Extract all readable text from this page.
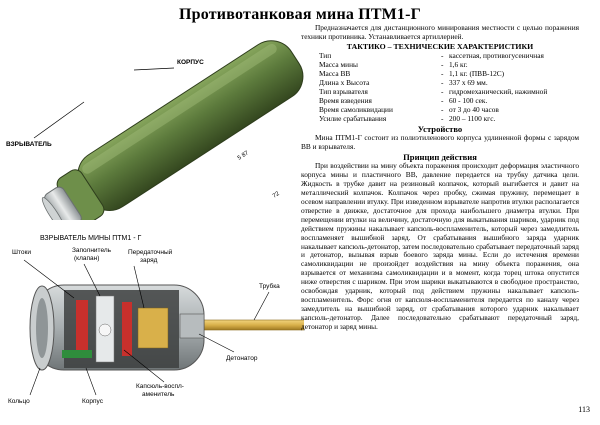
Противотанковая мина ПТМ1-Г
5 87
72
КОРПУС
ВЗРЫВАТЕЛЬ
ВЗРЫВАТЕЛЬ МИНЫ ПТМ1 - Г
Штоки	Заполнитель
(клапан)
Передаточный
заряд
Трубка
Детонатор
Капсюль-воспл-
аменитель
Кольцо	Корпус

Предназначается для дистанционного минирования местности с целью поражения техники противника. Устанавливается артиллерией.

ТАКТИКО – ТЕХНИЧЕСКИЕ ХАРАКТЕРИСТИКИ
Тип	-	кассетная, противогусеничная
Масса мины	-	1,6 кг.
Масса ВВ	-	1,1 кг. (ПВВ-12С)
Длина х Высота	-	337 х 69 мм.
Тип взрывателя	-	гидромеханический, нажимной
Время взведения	-	60 - 100 сек.
Время самоликвидации	-	от 3 до 40 часов
Усилие срабатывания	-	200 – 1100 кгс.
Устройство

Мина ПТМ1-Г состоит из полиэтиленового корпуса удлиненной формы с зарядом ВВ и взрывателя.

Принцип действия

При воздействии на мину объекта поражения происходит деформация эластичного корпуса мины и пластичного ВВ, давление передается на трубку датчика цели. Жидкость в трубке давит на резиновый колпачок, который выгибается и давит на металлический колпачок. Колпачок через пробку, сжимая пружину, перемещает в осевом направлении втулку. При изведенном взрывателе напротив втулки располагается отверстие в движке, достаточное для прохода наибольшего диаметра втулки. При перемещении втулки на величину, достаточную для выкатывания шариков, ударник под действием пружины накалывает капсюль-воспламенитель, который через замедлитель воспламеняет вышибной заряд. От срабатывания вышибного заряда ударник накалывает капсюль-детонатор, затем последовательно срабатывает передаточный заряд и детонатор, вызывая взрыв боевого заряда мины. Если до истечения времени самоликвидации не произойдет воздействия на мину объекта поражения, она взрывается от механизма самоликвидации и в момент, когда торец штока опустится ниже отверстия с шариком. При этом шарики выкатываются в свободное пространство, освобождая ударник, который под действием пружины накалывает капсюль-воспламенитель. Форс огня от капсюля-воспламенителя передается по каналу через замедлитель на вышибной заряд, от срабатывания которого ударник накалывает капсюль-детонатор. Далее последовательно срабатывают передаточный заряд, детонатор и заряд мины.

113
